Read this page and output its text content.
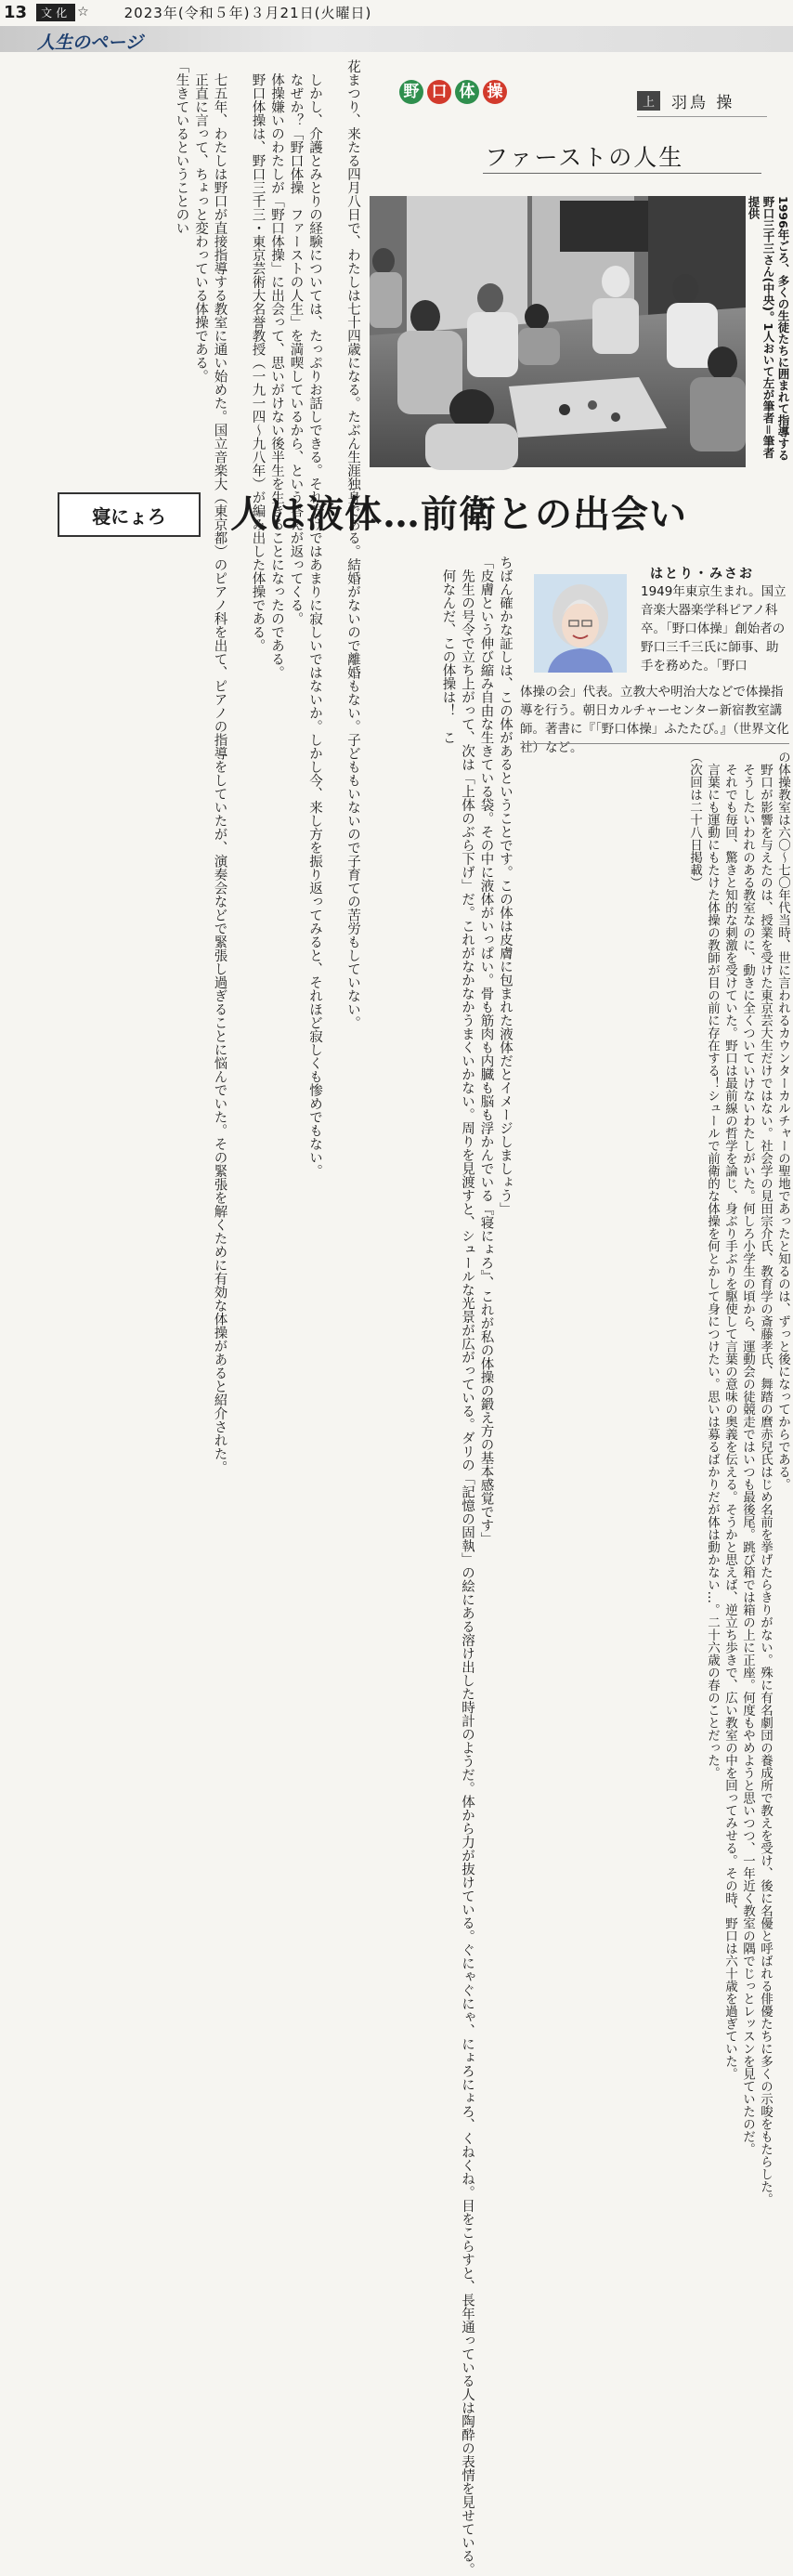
13	文化 ☆	2023年(令和５年)３月21日(火曜日)
人生のページ
花まつり、来たる四月八日で、わたしは七十四歳になる。たぶん生涯独身である。結婚がないので離婚もない。子どももいないので子育ての苦労もしていない。

　しかし、介護とみとりの経験については、たっぷりお話しできる。それだけではあまりに寂しいではないか。しかし今、来し方を振り返ってみると、それほど寂しくも惨めでもない。
　なぜか？「野口体操　ファーストの人生」を満喫しているから、という答えが返ってくる。
　体操嫌いのわたしが「野口体操」に出会って、思いがけない後半生を生きることになったのである。
　野口体操は、野口三千三・東京芸術大名誉教授（一九一四～九八年）が編み出した体操である。

　七五年、わたしは野口が直接指導する教室に通い始めた。国立音楽大（東京都）のピアノ科を出て、ピアノの指導をしていたが、演奏会などで緊張し過ぎることに悩んでいた。その緊張を解くために有効な体操があると紹介された。
　正直に言って、ちょっと変わっている体操である。
「生きているということのい	野 口 体 操
上	羽鳥 操
ファーストの人生
1996年ごろ、多くの生徒たちに囲まれて指導する野口三千三さん(中央)。1人おいて左が筆者＝筆者提供
寝にょろ	人は液体…前衛との出会い
ちばん確かな証しは、この体があるということです。この体は皮膚に包まれた液体だとイメージしましょう」
「皮膚という伸び縮み自由な生きている袋。その中に液体がいっぱい。骨も筋肉も内臓も脳も浮かんでいる『寝にょろ』、これが私の体操の鍛え方の基本感覚です」
　先生の号令で立ち上がって、次は「上体のぶら下げ」だ。これがなかなかうまくいかない。周りを見渡すと、シュールな光景が広がっている。ダリの「記憶の固執」の絵にある溶け出した時計のようだ。体から力が抜けている。ぐにゃぐにゃ、にょろにょろ、くねくね。目をこらすと、長年通っている人は陶酔の表情を見せている。
　何なんだ、この体操は！　こ
はとり・みさお
1949年東京生まれ。国立音楽大器楽学科ピアノ科卒。「野口体操」創始者の野口三千三氏に師事、助手を務めた。「野口
体操の会」代表。立教大や明治大などで体操指導を行う。朝日カルチャーセンター新宿教室講師。著書に『「野口体操」ふたたび。』（世界文化社）など。
の体操教室は六〇～七〇年代当時、世に言われるカウンターカルチャーの聖地であったと知るのは、ずっと後になってからである。
　野口が影響を与えたのは、授業を受けた東京芸大生だけではない。社会学の見田宗介氏、教育学の斎藤孝氏、舞踏の麿赤兒氏はじめ名前を挙げたらきりがない。殊に有名劇団の養成所で教えを受け、後に名優と呼ばれる俳優たちに多くの示唆をもたらした。
　そうしたいわれのある教室なのに、動きに全くついていけないわたしがいた。何しろ小学生の頃から、運動会の徒競走ではいつも最後尾。跳び箱では箱の上に正座。何度もやめようと思いつつ、一年近く教室の隅でじっとレッスンを見ていたのだ。
　それでも毎回、驚きと知的な刺激を受けていた。野口は最前線の哲学を論じ、身ぶり手ぶりを駆使して言葉の意味の奥義を伝える。そうかと思えば、逆立ち歩きで、広い教室の中を回ってみせる。その時、野口は六十歳を過ぎていた。
　言葉にも運動にもたけた体操の教師が目の前に存在する！シュールで前衛的な体操を何とかして身につけたい。思いは募るばかりだが体は動かない…。二十六歳の春のことだった。
（次回は二十八日掲載）
